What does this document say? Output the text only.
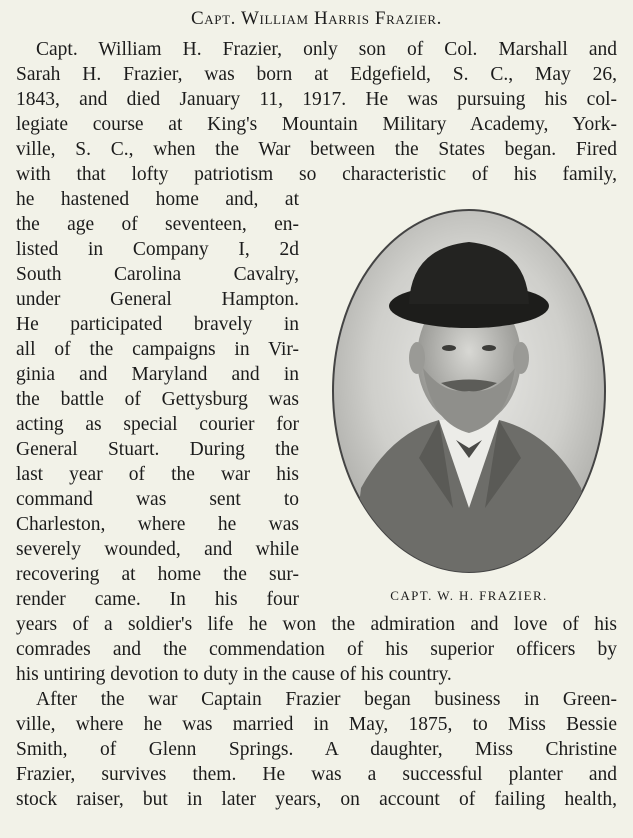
Capt. William Harris Frazier.
Capt. William H. Frazier, only son of Col. Marshall and
Sarah H. Frazier, was born at Edgefield, S. C., May 26,
1843, and died January 11, 1917. He was pursuing his col-
legiate course at King's Mountain Military Academy, York-
ville, S. C., when the War between the States began. Fired
with that lofty patriotism so characteristic of his family,
he hastened home and, at
the age of seventeen, en-
listed in Company I, 2d
South Carolina Cavalry,
under General Hampton.
He participated bravely in
all of the campaigns in Vir-
ginia and Maryland and in
the battle of Gettysburg was
acting as special courier for
General Stuart. During the
last year of the war his
command was sent to
Charleston, where he was
severely wounded, and while
recovering at home the sur-
render came. In his four
years of a soldier's life he won the admiration and love of his
comrades and the commendation of his superior officers by
his untiring devotion to duty in the cause of his country.
After the war Captain Frazier began business in Green-
ville, where he was married in May, 1875, to Miss Bessie
Smith, of Glenn Springs. A daughter, Miss Christine
Frazier, survives them. He was a successful planter and
stock raiser, but in later years, on account of failing health,
CAPT. W. H. FRAZIER.
